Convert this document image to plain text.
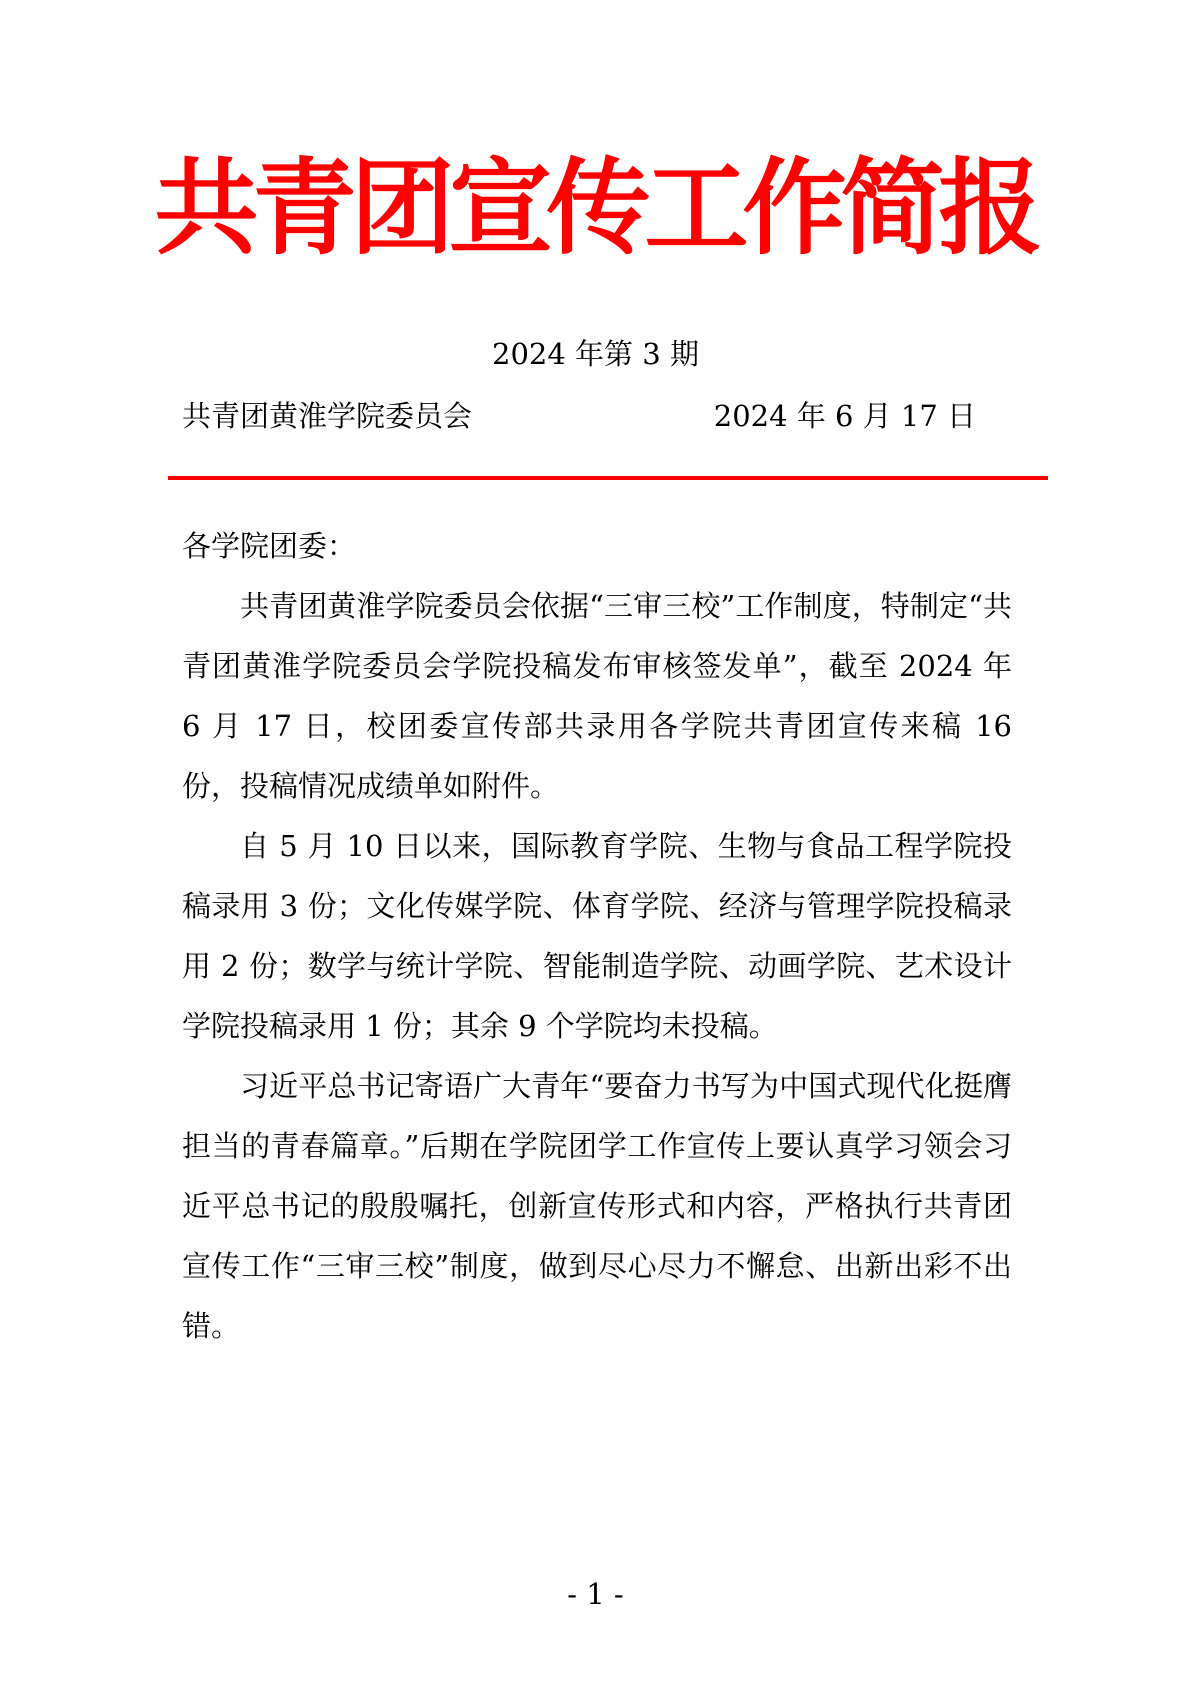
共青团宣传工作简报
2024 年第 3 期
共青团黄淮学院委员会	2024 年 6 月 17 日

各学院团委：

共青团黄淮学院委员会依据“三审三校”工作制度，特制定“共青团黄淮学院委员会学院投稿发布审核签发单”，截至 2024 年 6 月 17 日，校团委宣传部共录用各学院共青团宣传来稿 16 份，投稿情况成绩单如附件。

自 5 月 10 日以来，国际教育学院、生物与食品工程学院投稿录用 3 份；文化传媒学院、体育学院、经济与管理学院投稿录用 2 份；数学与统计学院、智能制造学院、动画学院、艺术设计学院投稿录用 1 份；其余 9 个学院均未投稿。

习近平总书记寄语广大青年“要奋力书写为中国式现代化挺膺担当的青春篇章。”后期在学院团学工作宣传上要认真学习领会习近平总书记的殷殷嘱托，创新宣传形式和内容，严格执行共青团宣传工作“三审三校”制度，做到尽心尽力不懈怠、出新出彩不出错。

- 1 -
